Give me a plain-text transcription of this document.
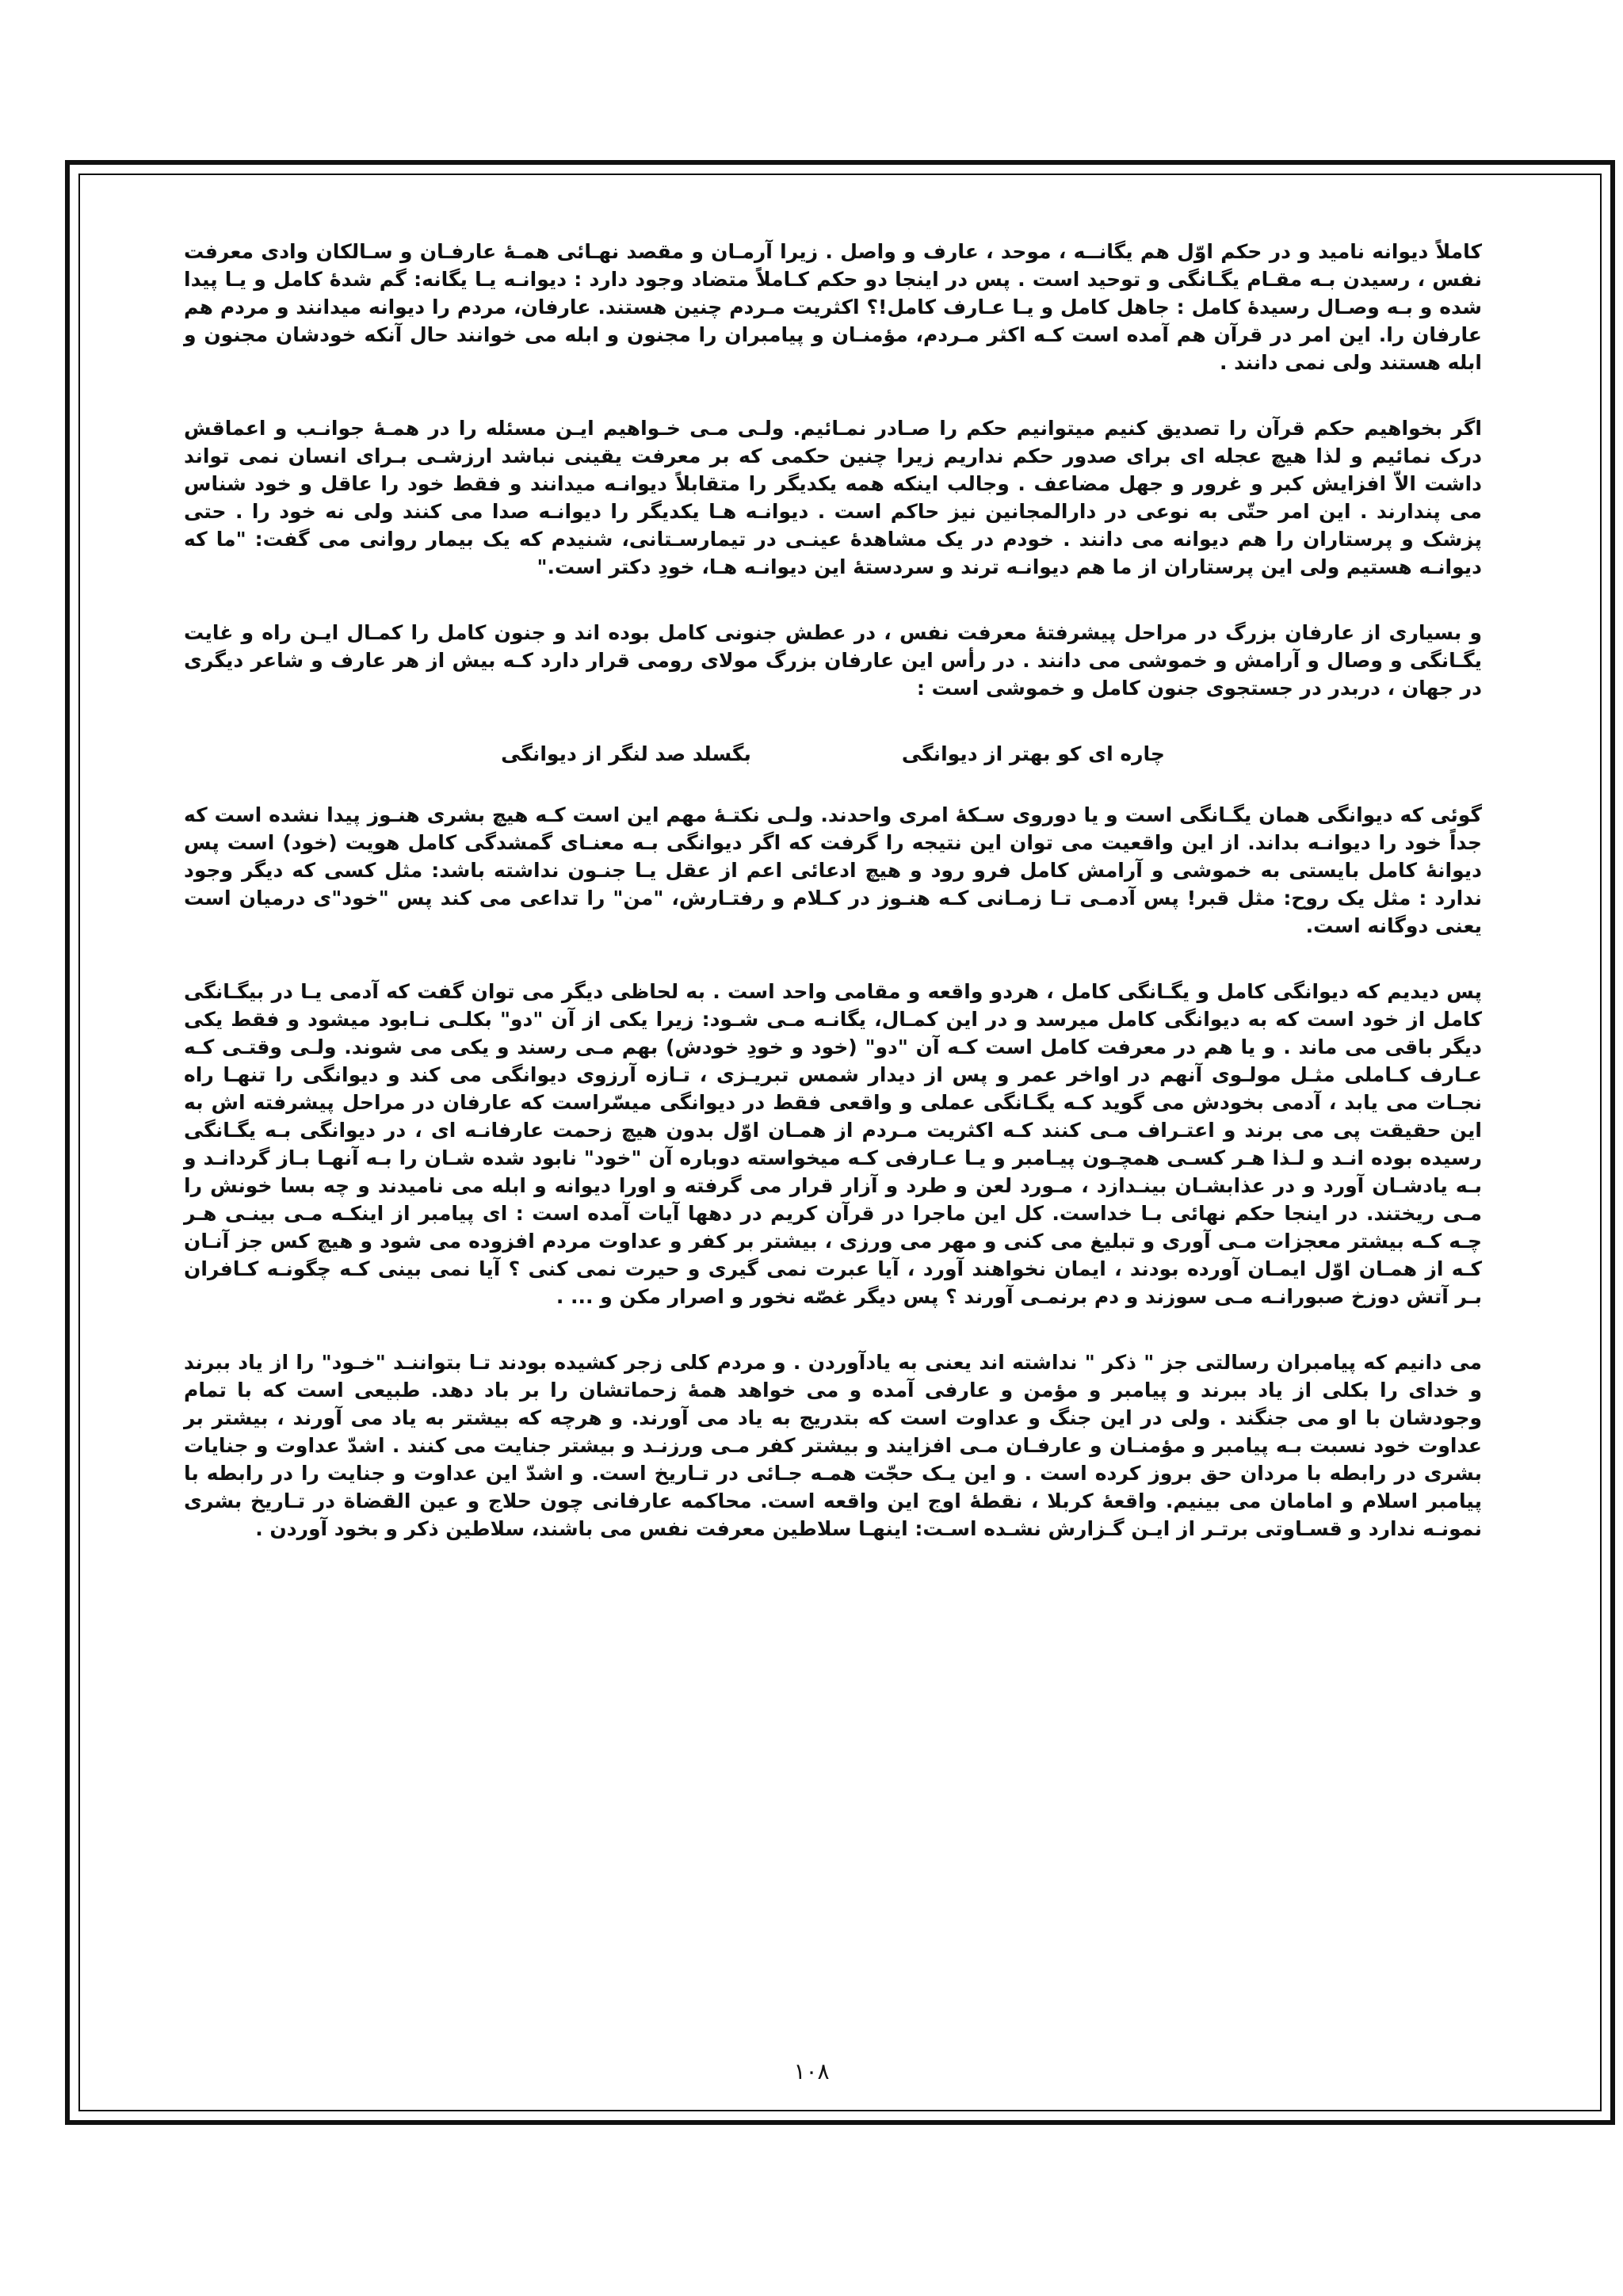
کاملاً دیوانه نامید و در حکم اوّل هم یگانــه ، موحد ، عارف و واصل . زیرا آرمـان و مقصد نهـائی همـهٔ عارفـان و سـالکان وادی معرفت نفس ، رسیدن بـه مقـام یگـانگی و توحید است . پس در اینجا دو حکم کـاملاً متضاد وجود دارد : دیوانـه یـا یگانه: گم شدهٔ کامل و یـا پیدا شده و بـه وصـال رسیدهٔ کامل : جاهل کامل و یـا عـارف کامل!؟ اکثریت مـردم چنین هستند. عارفان، مردم را دیوانه میدانند و مردم هم عارفان را. این امر در قرآن هم آمده است کـه اکثر مـردم، مؤمنـان و پیامبران را مجنون و ابله می خوانند حال آنکه خودشان مجنون و ابله هستند ولی نمی دانند .

اگر بخواهیم حکم قرآن را تصدیق کنیم میتوانیم حکم را صـادر نمـائیم. ولـی مـی خـواهیم ایـن مسئله را در همـهٔ جوانـب و اعماقش درک نمائیم و لذا هیچ عجله ای برای صدور حکم نداریم زیرا چنین حکمی که بر معرفت یقینی نباشد ارزشـی بـرای انسان نمی تواند داشت الاّ افزایش کبر و غرور و جهل مضاعف . وجالب اینکه همه یکدیگر را متقابلاً دیوانـه میدانند و فقط خود را عاقل و خود شناس می پندارند . این امر حتّی به نوعی در دارالمجانین نیز حاکم است . دیوانـه هـا یکدیگر را دیوانـه صدا می کنند ولی نه خود را . حتی پزشک و پرستاران را هم دیوانه می دانند . خودم در یک مشاهدهٔ عینـی در تیمارسـتانی، شنیدم که یک بیمار روانی می گفت: "ما که دیوانـه هستیم ولی این پرستاران از ما هم دیوانـه ترند و سردستهٔ این دیوانـه هـا، خودِ دکتر است."

و بسیاری از عارفان بزرگ در مراحل پیشرفتهٔ معرفت نفس ، در عطش جنونی کامل بوده اند و جنون کامل را کمـال ایـن راه و غایت یگـانگی و وصال و آرامش و خموشی می دانند . در رأس این عارفان بزرگ مولای رومی قرار دارد کـه بیش از هر عارف و شاعر دیگری در جهان ، دربدر در جستجوی جنون کامل و خموشی است :

چاره ای کو بهتر از دیوانگی
بگسلد صد لنگر از دیوانگی

گوئی که دیوانگی همان یگـانگی است و یا دوروی سـکهٔ امری واحدند. ولـی نکتـهٔ مهم این است کـه هیچ بشری هنـوز پیدا نشده است که جداً خود را دیوانـه بداند. از این واقعیت می توان این نتیجه را گرفت که اگر دیوانگی بـه معنـای گمشدگی کامل هویت (خود) است پس دیوانهٔ کامل بایستی به خموشی و آرامش کامل فرو رود و هیچ ادعائی اعم از عقل یـا جنـون نداشته باشد: مثل کسی که دیگر وجود ندارد : مثل یک روح: مثل قبر! پس آدمـی تـا زمـانی کـه هنـوز در کـلام و رفتـارش، "من" را تداعی می کند پس "خود"ی درمیان است یعنی دوگانه است.

پس دیدیم که دیوانگی کامل و یگـانگی کامل ، هردو واقعه و مقامی واحد است . به لحاظی دیگر می توان گفت که آدمی یـا در بیگـانگی کامل از خود است که به دیوانگی کامل میرسد و در این کمـال، یگانـه مـی شـود: زیرا یکی از آن "دو" بکلـی نـابود میشود و فقط یکی دیگر باقی می ماند . و یا هم در معرفت کامل است کـه آن "دو" (خود و خودِ خودش) بهم مـی رسند و یکی می شوند. ولـی وقتـی کـه عـارف کـاملی مثـل مولـوی آنهم در اواخر عمر و پس از دیدار شمس تبریـزی ، تـازه آرزوی دیوانگی می کند و دیوانگی را تنهـا راه نجـات می یابد ، آدمی بخودش می گوید کـه یگـانگی عملی و واقعی فقط در دیوانگی میسّراست که عارفان در مراحل پیشرفته اش به این حقیقت پی می برند و اعتـراف مـی کنند کـه اکثریت مـردم از همـان اوّل بدون هیچ زحمت عارفانـه ای ، در دیوانگی بـه یگـانگی رسیده بوده انـد و لـذا هـر کسـی همچـون پیـامبر و یـا عـارفی کـه میخواسته دوباره آن "خود" نابود شده شـان را بـه آنهـا بـاز گردانـد و بـه یادشـان آورد و در عذابشـان بینـدازد ، مـورد لعن و طرد و آزار قرار می گرفته و اورا دیوانه و ابله می نامیدند و چه بسا خونش را مـی ریختند. در اینجا حکم نهائی بـا خداست. کل این ماجرا در قرآن کریم در دهها آیات آمده است : ای پیامبر از اینکـه مـی بینـی هـر چـه کـه بیشتر معجزات مـی آوری و تبلیغ می کنی و مهر می ورزی ، بیشتر بر کفر و عداوت مردم افزوده می شود و هیچ کس جز آنـان کـه از همـان اوّل ایمـان آورده بودند ، ایمان نخواهند آورد ، آیا عبرت نمی گیری و حیرت نمی کنی ؟ آیا نمی بینی کـه چگونـه کـافران بـر آتش دوزخ صبورانـه مـی سوزند و دم برنمـی آورند ؟ پس دیگر غصّه نخور و اصرار مکن و ... .

می دانیم که پیامبران رسالتی جز " ذکر " نداشته اند یعنی به یادآوردن . و مردم کلی زجر کشیده بودند تـا بتواننـد "خـود" را از یاد ببرند و خدای را بکلی از یاد ببرند و پیامبر و مؤمن و عارفی آمده و می خواهد همهٔ زحماتشان را بر باد دهد. طبیعی است که با تمام وجودشان با او می جنگند . ولی در این جنگ و عداوت است که بتدریج به یاد می آورند. و هرچه که بیشتر به یاد می آورند ، بیشتر بر عداوت خود نسبت بـه پیامبر و مؤمنـان و عارفـان مـی افزایند و بیشتر کفر مـی ورزنـد و بیشتر جنایت می کنند . اشدّ عداوت و جنایات بشری در رابطه با مردان حق بروز کرده است . و این یـک حجّت همـه جـائی در تـاریخ است. و اشدّ این عداوت و جنایت را در رابطه با پیامبر اسلام و امامان می بینیم. واقعهٔ کربلا ، نقطهٔ اوج این واقعه است. محاکمه عارفانی چون حلاج و عین القضاة در تـاریخ بشری نمونـه ندارد و قسـاوتی برتـر از ایـن گـزارش نشـده اسـت: اینهـا سلاطین معرفت نفس می باشند، سلاطین ذکر و بخود آوردن .

۱۰۸
